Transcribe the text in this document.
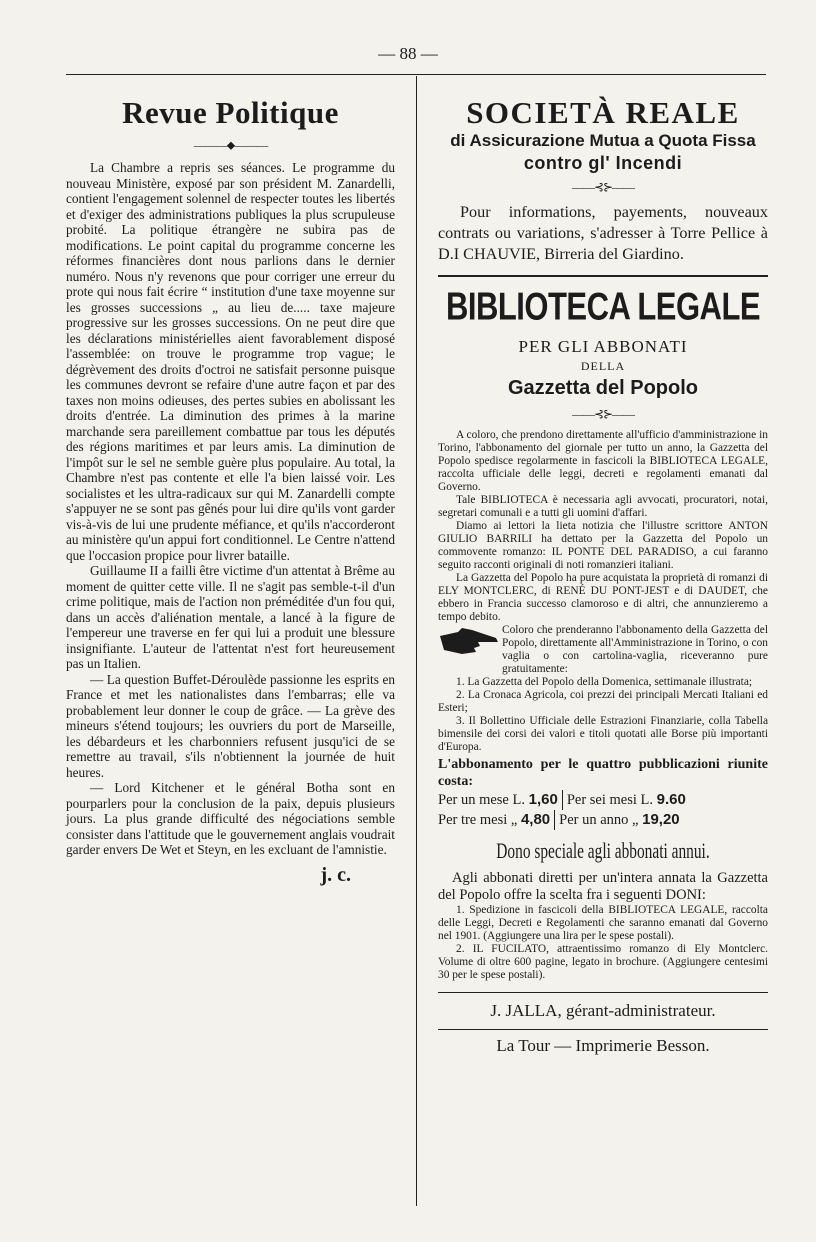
— 88 —
Revue Politique
———⬥———

La Chambre a repris ses séances. Le programme du nouveau Ministère, exposé par son président M. Zanardelli, contient l'engagement solennel de respecter toutes les libertés et d'exiger des administrations publiques la plus scrupuleuse probité. La politique étrangère ne subira pas de modifications. Le point capital du programme concerne les réformes financières dont nous parlions dans le dernier numéro. Nous n'y revenons que pour corriger une erreur du prote qui nous fait écrire “ institution d'une taxe moyenne sur les grosses successions „ au lieu de..... taxe majeure progressive sur les grosses successions. On ne peut dire que les déclarations ministérielles aient favorablement disposé l'assemblée: on trouve le programme trop vague; le dégrèvement des droits d'octroi ne satisfait personne puisque les communes devront se refaire d'une autre façon et par des taxes non moins odieuses, des pertes subies en abolissant les droits d'entrée. La diminution des primes à la marine marchande sera pareillement combattue par tous les députés des régions maritimes et par leurs amis. La diminution de l'impôt sur le sel ne semble guère plus populaire. Au total, la Chambre n'est pas contente et elle l'a bien laissé voir. Les socialistes et les ultra-radicaux sur qui M. Zanardelli compte s'appuyer ne se sont pas gênés pour lui dire qu'ils vont garder vis-à-vis de lui une prudente méfiance, et qu'ils n'accorderont au ministère qu'un appui fort conditionnel. Le Centre n'attend que l'occasion propice pour livrer bataille.

Guillaume II a failli être victime d'un attentat à Brême au moment de quitter cette ville. Il ne s'agit pas semble-t-il d'un crime politique, mais de l'action non préméditée d'un fou qui, dans un accès d'aliénation mentale, a lancé à la figure de l'empereur une traverse en fer qui lui a produit une blessure insignifiante. L'auteur de l'attentat n'est fort heureusement pas un Italien.

— La question Buffet-Déroulède passionne les esprits en France et met les nationalistes dans l'embarras; elle va probablement leur donner le coup de grâce. — La grève des mineurs s'étend toujours; les ouvriers du port de Marseille, les débardeurs et les charbonniers refusent jusqu'ici de se remettre au travail, s'ils n'obtiennent la journée de huit heures.

— Lord Kitchener et le général Botha sont en pourparlers pour la conclusion de la paix, depuis plusieurs jours. La plus grande difficulté des négociations semble consister dans l'attitude que le gouvernement anglais voudrait garder envers De Wet et Steyn, en les excluant de l'amnistie.

j. c.
SOCIETÀ REALE
di Assicurazione Mutua a Quota Fissa
contro gl' Incendi
——⊰⊱——

Pour informations, payements, nouveaux contrats ou variations, s'adresser à Torre Pellice à D.I CHAUVIE, Birreria del Giardino.

BIBLIOTECA LEGALE
PER GLI ABBONATI
DELLA
Gazzetta del Popolo
——⊰⊱——

A coloro, che prendono direttamente all'ufficio d'amministrazione in Torino, l'abbonamento del giornale per tutto un anno, la Gazzetta del Popolo spedisce regolarmente in fascicoli la BIBLIOTECA LEGALE, raccolta ufficiale delle leggi, decreti e regolamenti emanati dal Governo.

Tale BIBLIOTECA è necessaria agli avvocati, procuratori, notai, segretari comunali e a tutti gli uomini d'affari.

Diamo ai lettori la lieta notizia che l'illustre scrittore ANTON GIULIO BARRILI ha dettato per la Gazzetta del Popolo un commovente romanzo: IL PONTE DEL PARADISO, a cui faranno seguito racconti originali di noti romanzieri italiani.

La Gazzetta del Popolo ha pure acquistata la proprietà di romanzi di ELY MONTCLERC, di RENÉ DU PONT-JEST e di DAUDET, che ebbero in Francia successo clamoroso e di altri, che annunzieremo a tempo debito.

Coloro che prenderanno l'abbonamento della Gazzetta del Popolo, direttamente all'Amministrazione in Torino, o con vaglia o con cartolina-vaglia, riceveranno pure gratuitamente:

1. La Gazzetta del Popolo della Domenica, settimanale illustrata;

2. La Cronaca Agricola, coi prezzi dei principali Mercati Italiani ed Esteri;

3. Il Bollettino Ufficiale delle Estrazioni Finanziarie, colla Tabella bimensile dei corsi dei valori e titoli quotati alle Borse più importanti d'Europa.

L'abbonamento per le quattro pubblicazioni riunite costa:

Per un mese L.
1,60 Per sei mesi L.
9.60
Per tre mesi „
4,80 Per un anno „
19,20
Dono speciale agli abbonati annui.

Agli abbonati diretti per un'intera annata la Gazzetta del Popolo offre la scelta fra i seguenti DONI:

1. Spedizione in fascicoli della BIBLIOTECA LEGALE, raccolta delle Leggi, Decreti e Regolamenti che saranno emanati dal Governo nel 1901. (Aggiungere una lira per le spese postali).

2. IL FUCILATO, attraentissimo romanzo di Ely Montclerc. Volume di oltre 600 pagine, legato in brochure. (Aggiungere centesimi 30 per le spese postali).

J. JALLA, gérant-administrateur.
La Tour — Imprimerie Besson.
